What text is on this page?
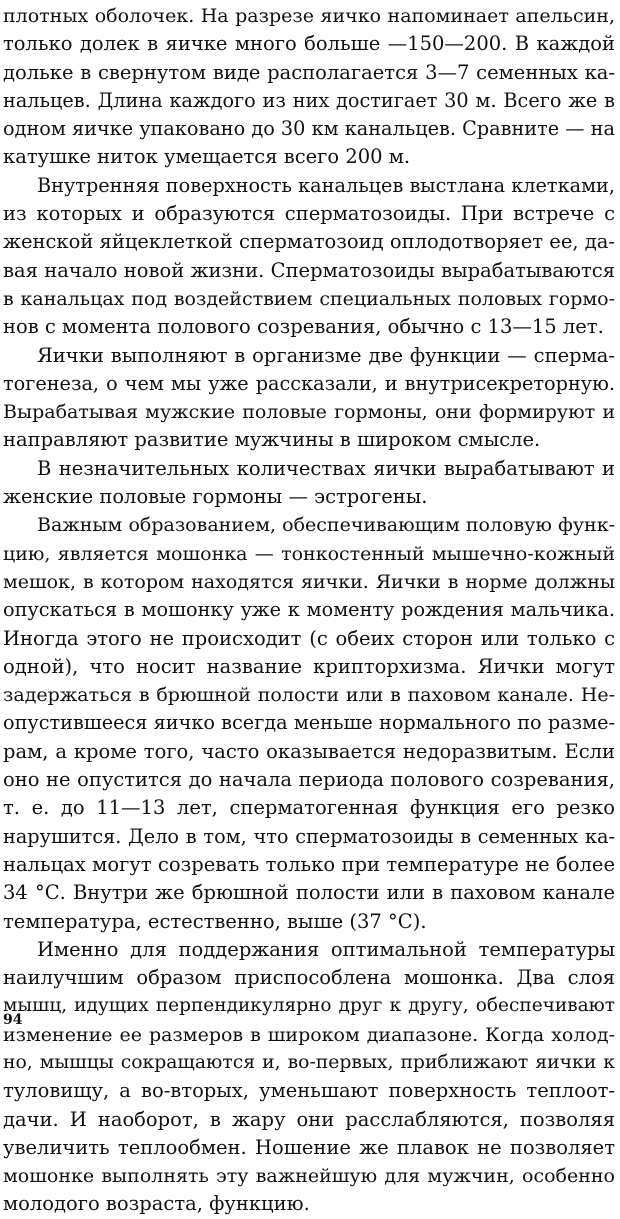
плотных оболочек. На разрезе яичко напоминает апельсин,
только долек в яичке много больше —150—200. В каждой
дольке в свернутом виде располагается 3—7 семенных ка-
нальцев. Длина каждого из них достигает 30 м. Всего же в
одном яичке упаковано до 30 км канальцев. Сравните — на
катушке ниток умещается всего 200 м.
Внутренняя поверхность канальцев выстлана клетками,
из которых и образуются сперматозоиды. При встрече с
женской яйцеклеткой сперматозоид оплодотворяет ее, да-
вая начало новой жизни. Сперматозоиды вырабатываются
в канальцах под воздействием специальных половых гормо-
нов с момента полового созревания, обычно с 13—15 лет.
Яички выполняют в организме две функции — сперма-
тогенеза, о чем мы уже рассказали, и внутрисекреторную.
Вырабатывая мужские половые гормоны, они формируют и
направляют развитие мужчины в широком смысле.
В незначительных количествах яички вырабатывают и
женские половые гормоны — эстрогены.
Важным образованием, обеспечивающим половую функ-
цию, является мошонка — тонкостенный мышечно-кожный
мешок, в котором находятся яички. Яички в норме должны
опускаться в мошонку уже к моменту рождения мальчика.
Иногда этого не происходит (с обеих сторон или только с
одной), что носит название крипторхизма. Яички могут
задержаться в брюшной полости или в паховом канале. Не-
опустившееся яичко всегда меньше нормального по разме-
рам, а кроме того, часто оказывается недоразвитым. Если
оно не опустится до начала периода полового созревания,
т. е. до 11—13 лет, сперматогенная функция его резко
нарушится. Дело в том, что сперматозоиды в семенных ка-
нальцах могут созревать только при температуре не более
34 °С. Внутри же брюшной полости или в паховом канале
температура, естественно, выше (37 °С).
Именно для поддержания оптимальной температуры
наилучшим образом приспособлена мошонка. Два слоя
мышц, идущих перпендикулярно друг к другу, обеспечивают
изменение ее размеров в широком диапазоне. Когда холод-
но, мышцы сокращаются и, во-первых, приближают яички к
туловищу, а во-вторых, уменьшают поверхность теплоот-
дачи. И наоборот, в жару они расслабляются, позволяя
увеличить теплообмен. Ношение же плавок не позволяет
мошонке выполнять эту важнейшую для мужчин, особенно
молодого возраста, функцию.
94
